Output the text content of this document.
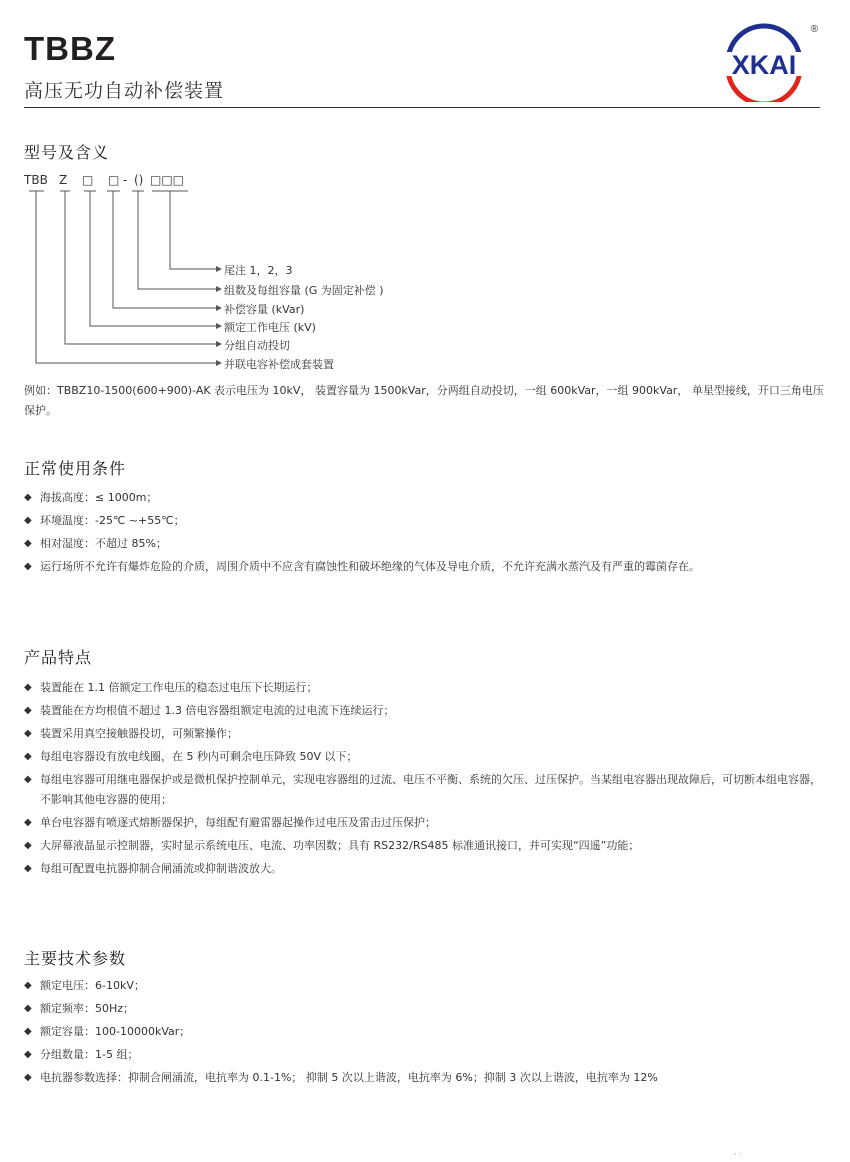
TBBZ
高压无功自动补偿装置
XKAI
®
型号及含义
TBB Z □ □ - () □□□
尾注 1，2，3
组数及每组容量 (G 为固定补偿 )
补偿容量 (kVar)
额定工作电压 (kV)
分组自动投切
并联电容补偿成套装置
例如：TBBZ10-1500(600+900)-AK 表示电压为 10kV， 装置容量为 1500kVar，分两组自动投切，一组 600kVar，一组 900kVar， 单星型接线，开口三角电压保护。
正常使用条件
◆ 海拔高度：≤ 1000m；
◆ 环境温度：-25℃ ~+55℃；
◆ 相对湿度：不超过 85%；
◆ 运行场所不允许有爆炸危险的介质，周围介质中不应含有腐蚀性和破坏绝缘的气体及导电介质，不允许充满水蒸汽及有严重的霉菌存在。
产品特点
◆ 装置能在 1.1 倍额定工作电压的稳态过电压下长期运行；
◆ 装置能在方均根值不超过 1.3 倍电容器组额定电流的过电流下连续运行；
◆ 装置采用真空接触器投切，可频繁操作；
◆ 每组电容器设有放电线圈，在 5 秒内可剩余电压降致 50V 以下；
◆ 每组电容器可用继电器保护或是微机保护控制单元，实现电容器组的过流、电压不平衡、系统的欠压、过压保护。当某组电容器出现故障后，可切断本组电容器，不影响其他电容器的使用；
◆ 单台电容器有喷逐式熔断器保护，每组配有避雷器起操作过电压及雷击过压保护；
◆ 大屏幕液晶显示控制器，实时显示系统电压、电流、功率因数；具有 RS232/RS485 标准通讯接口，并可实现“四遥”功能；
◆ 每组可配置电抗器抑制合闸涌流或抑制谐波放大。
主要技术参数
◆ 额定电压：6-10kV；
◆ 额定频率：50Hz；
◆ 额定容量：100-10000kVar；
◆ 分组数量：1-5 组；
◆ 电抗器参数选择：抑制合闸涌流，电抗率为 0.1-1%； 抑制 5 次以上谐波，电抗率为 6%；抑制 3 次以上谐波，电抗率为 12%
· ·
